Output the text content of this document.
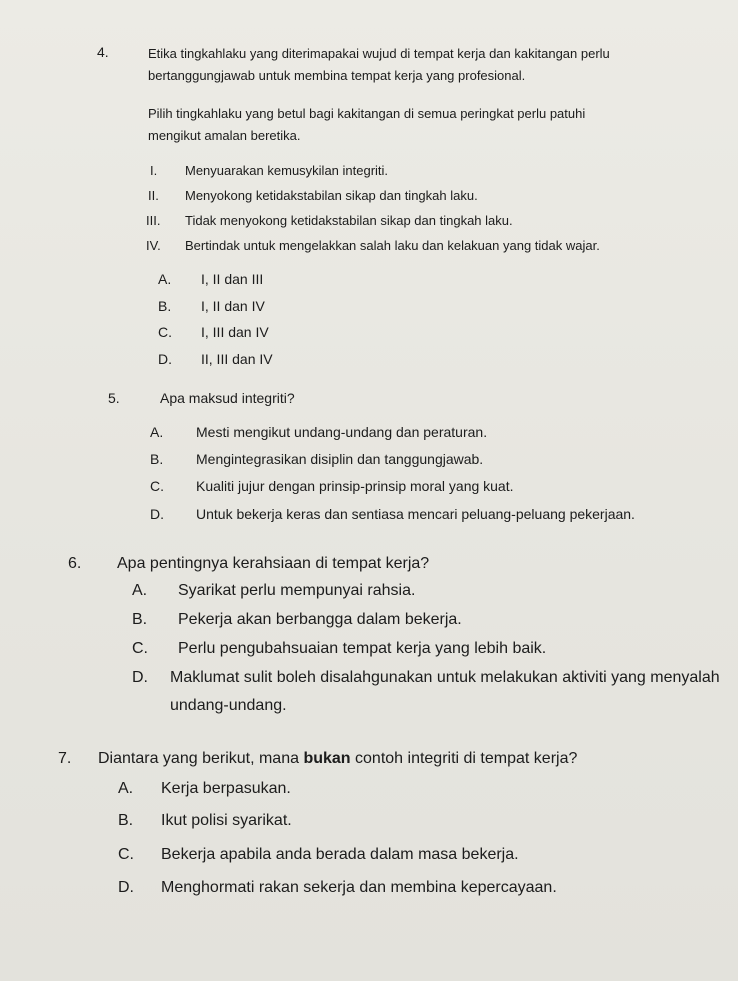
4.	Etika tingkahlaku yang diterimapakai wujud di tempat kerja dan kakitangan perlu
bertanggungjawab untuk membina tempat kerja yang profesional.
Pilih tingkahlaku yang betul bagi kakitangan di semua peringkat perlu patuhi
mengikut amalan beretika.
I. Menyuarakan kemusykilan integriti.
II. Menyokong ketidakstabilan sikap dan tingkah laku.
III. Tidak menyokong ketidakstabilan sikap dan tingkah laku.
IV. Bertindak untuk mengelakkan salah laku dan kelakuan yang tidak wajar.
A. I, II dan III
B. I, II dan IV
C. I, III dan IV
D. II, III dan IV
5.	Apa maksud integriti?
A. Mesti mengikut undang-undang dan peraturan.
B. Mengintegrasikan disiplin dan tanggungjawab.
C. Kualiti jujur dengan prinsip-prinsip moral yang kuat.
D. Untuk bekerja keras dan sentiasa mencari peluang-peluang pekerjaan.
6. Apa pentingnya kerahsiaan di tempat kerja?
A. Syarikat perlu mempunyai rahsia.
B. Pekerja akan berbangga dalam bekerja.
C. Perlu pengubahsuaian tempat kerja yang lebih baik.
D. Maklumat sulit boleh disalahgunakan untuk melakukan aktiviti yang menyalah
undang-undang.
7. Diantara yang berikut, mana bukan contoh integriti di tempat kerja?
A. Kerja berpasukan.
B. Ikut polisi syarikat.
C. Bekerja apabila anda berada dalam masa bekerja.
D. Menghormati rakan sekerja dan membina kepercayaan.
